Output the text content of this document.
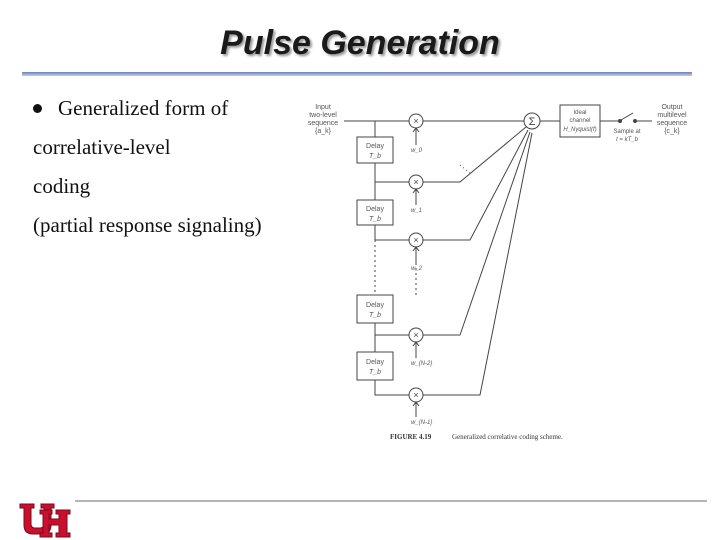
Pulse Generation
Generalized form of
correlative-level
coding
(partial response signaling)
Input
two-level
sequence
{a_k}
Delay
T_b
Delay
T_b
Delay
T_b
Delay
T_b
×
×
×
×
×
w_0
w_1
w_2
w_{N-2}
w_{N-1}
Σ
Ideal
channel
H_Nyquist(f)	Sample at
t = kT_b
Output
multilevel
sequence
{c_k}
FIGURE 4.19	Generalized correlative coding scheme.
